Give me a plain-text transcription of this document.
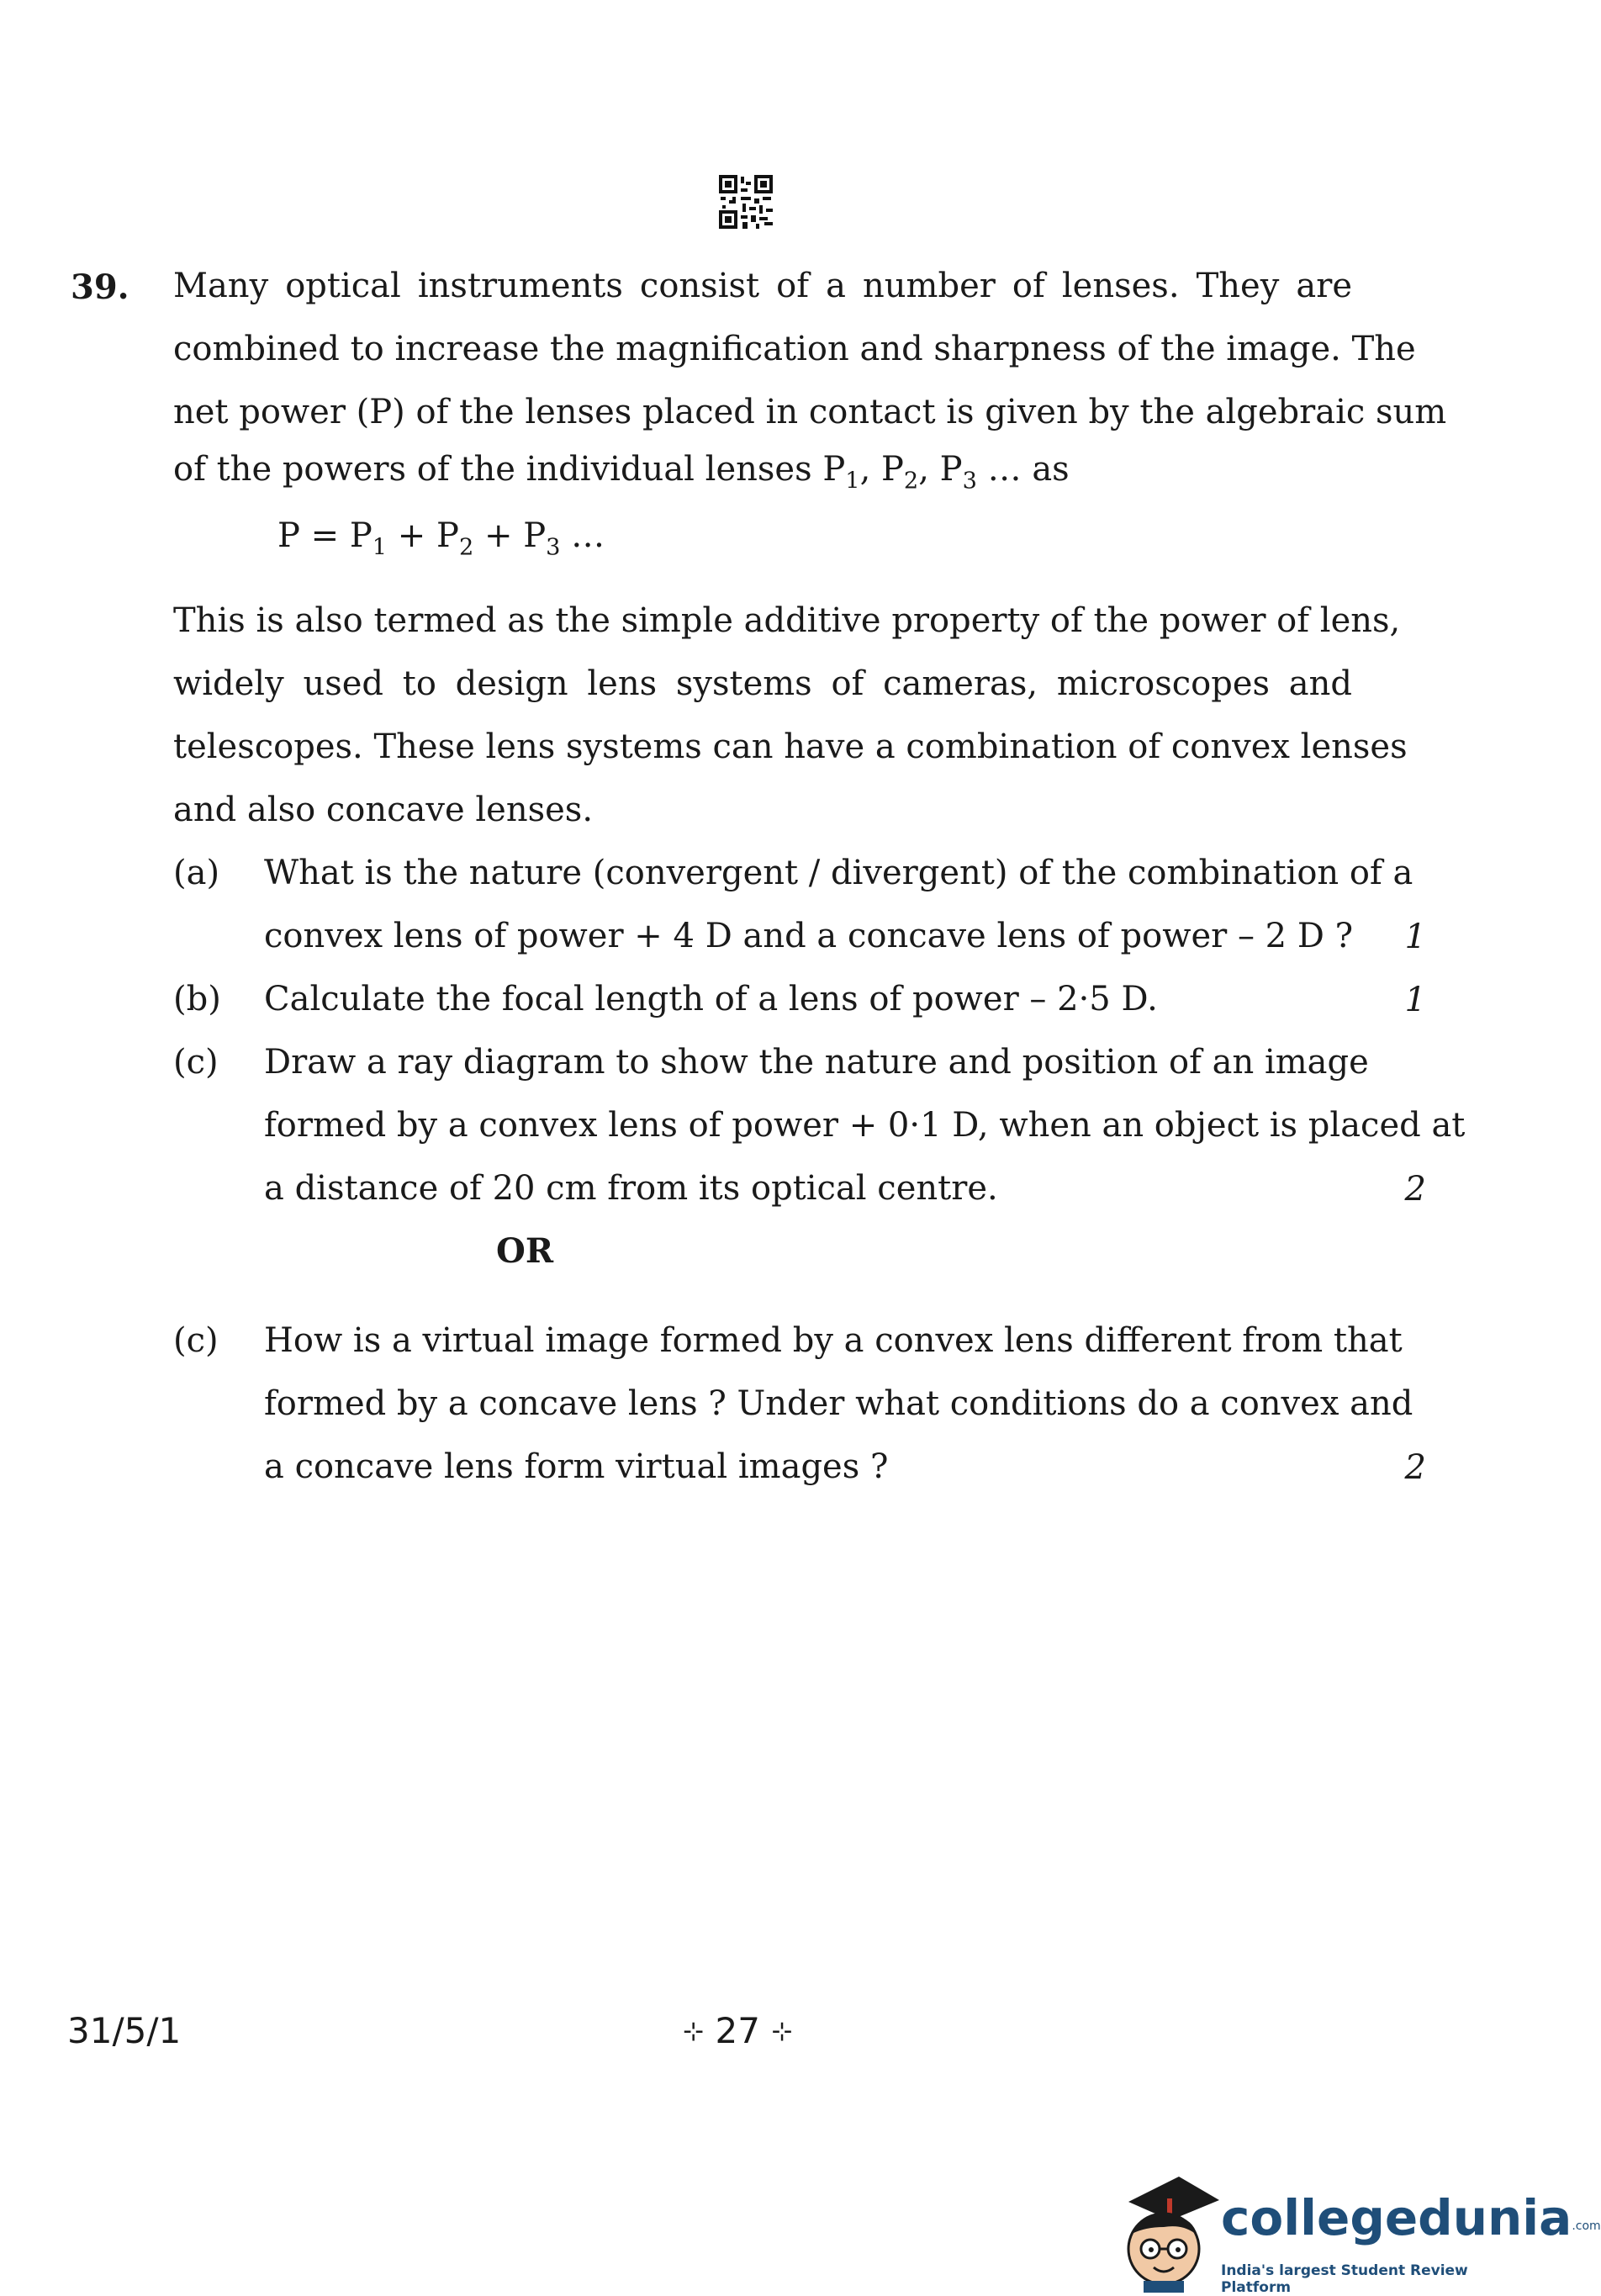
39. Many optical instruments consist of a number of lenses. They are
combined to increase the magnification and sharpness of the image. The
net power (P) of the lenses placed in contact is given by the algebraic sum
of the powers of the individual lenses $P_1$, $P_2$, $P_3$ … as
$P = P_1 + P_2 + P_3$ …
This is also termed as the simple additive property of the power of lens,
widely used to design lens systems of cameras, microscopes and
telescopes. These lens systems can have a combination of convex lenses
and also concave lenses.
(a) What is the nature (convergent / divergent) of the combination of a
convex lens of power + 4 D and a concave lens of power – 2 D ?	1
(b) Calculate the focal length of a lens of power – 2·5 D.	1
(c) Draw a ray diagram to show the nature and position of an image
formed by a convex lens of power + 0·1 D, when an object is placed at
a distance of 20 cm from its optical centre.	2
OR
(c) How is a virtual image formed by a convex lens different from that
formed by a concave lens ? Under what conditions do a convex and
a concave lens form virtual images ?	2
31/5/1	⊹ 27 ⊹
collegedunia.com
India's largest Student Review Platform
